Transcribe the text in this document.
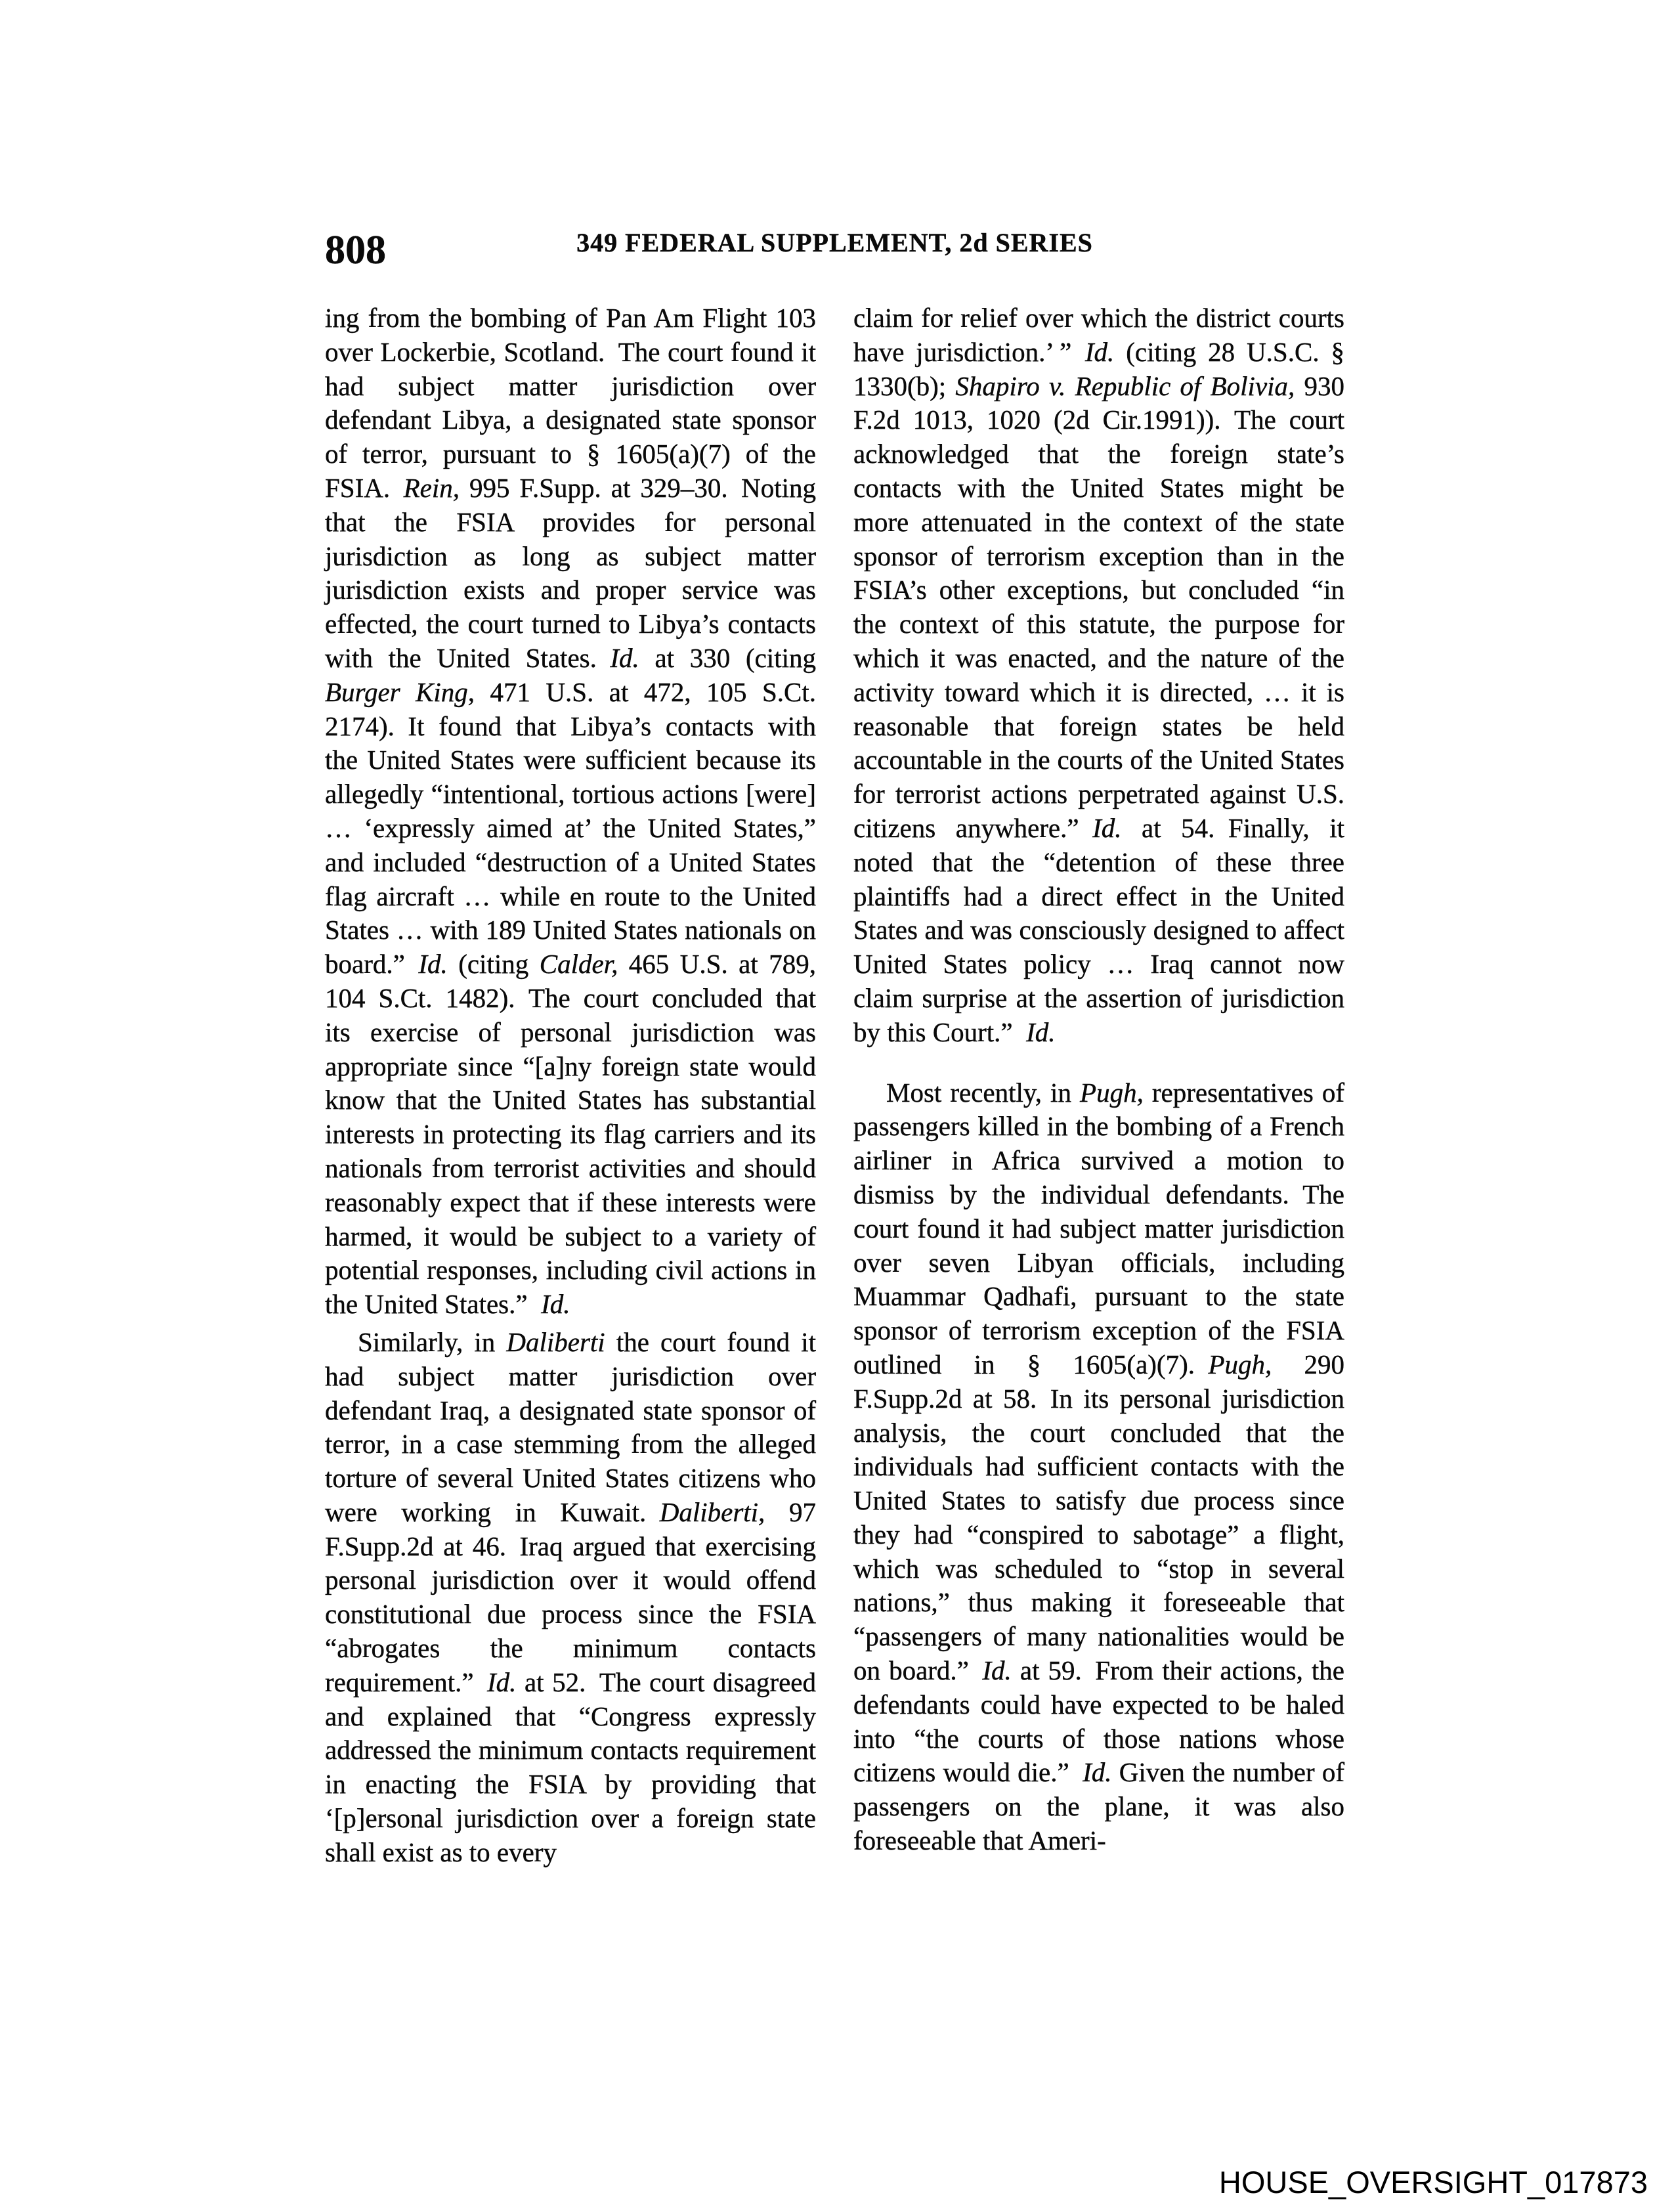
808	349 FEDERAL SUPPLEMENT, 2d SERIES

ing from the bombing of Pan Am Flight 103 over Lockerbie, Scotland. The court found it had subject matter jurisdiction over defendant Libya, a designated state sponsor of terror, pursuant to § 1605(a)(7) of the FSIA. Rein, 995 F.Supp. at 329–30. Noting that the FSIA provides for personal jurisdiction as long as subject matter jurisdiction exists and proper service was effected, the court turned to Libya’s contacts with the United States. Id. at 330 (citing Burger King, 471 U.S. at 472, 105 S.Ct. 2174). It found that Libya’s contacts with the United States were sufficient because its allegedly “intentional, tortious actions [were] … ‘expressly aimed at’ the United States,” and included “destruction of a United States flag aircraft … while en route to the United States … with 189 United States nationals on board.” Id. (citing Calder, 465 U.S. at 789, 104 S.Ct. 1482). The court concluded that its exercise of personal jurisdiction was appropriate since “[a]ny foreign state would know that the United States has substantial interests in protecting its flag carriers and its nationals from terrorist activities and should reasonably expect that if these interests were harmed, it would be subject to a variety of potential responses, including civil actions in the United States.” Id.

Similarly, in Daliberti the court found it had subject matter jurisdiction over defendant Iraq, a designated state sponsor of terror, in a case stemming from the alleged torture of several United States citizens who were working in Kuwait. Daliberti, 97 F.Supp.2d at 46. Iraq argued that exercising personal jurisdiction over it would offend constitutional due process since the FSIA “abrogates the minimum contacts requirement.” Id. at 52. The court disagreed and explained that “Congress expressly addressed the minimum contacts requirement in enacting the FSIA by providing that ‘[p]ersonal jurisdiction over a foreign state shall exist as to every

claim for relief over which the district courts have jurisdiction.’ ” Id. (citing 28 U.S.C. § 1330(b); Shapiro v. Republic of Bolivia, 930 F.2d 1013, 1020 (2d Cir.1991)). The court acknowledged that the foreign state’s contacts with the United States might be more attenuated in the context of the state sponsor of terrorism exception than in the FSIA’s other exceptions, but concluded “in the context of this statute, the purpose for which it was enacted, and the nature of the activity toward which it is directed, … it is reasonable that foreign states be held accountable in the courts of the United States for terrorist actions perpetrated against U.S. citizens anywhere.” Id. at 54. Finally, it noted that the “detention of these three plaintiffs had a direct effect in the United States and was consciously designed to affect United States policy … Iraq cannot now claim surprise at the assertion of jurisdiction by this Court.” Id.

Most recently, in Pugh, representatives of passengers killed in the bombing of a French airliner in Africa survived a motion to dismiss by the individual defendants. The court found it had subject matter jurisdiction over seven Libyan officials, including Muammar Qadhafi, pursuant to the state sponsor of terrorism exception of the FSIA outlined in § 1605(a)(7). Pugh, 290 F.Supp.2d at 58. In its personal jurisdiction analysis, the court concluded that the individuals had sufficient contacts with the United States to satisfy due process since they had “conspired to sabotage” a flight, which was scheduled to “stop in several nations,” thus making it foreseeable that “passengers of many nationalities would be on board.” Id. at 59. From their actions, the defendants could have expected to be haled into “the courts of those nations whose citizens would die.” Id. Given the number of passengers on the plane, it was also foreseeable that Ameri-

HOUSE_OVERSIGHT_017873
